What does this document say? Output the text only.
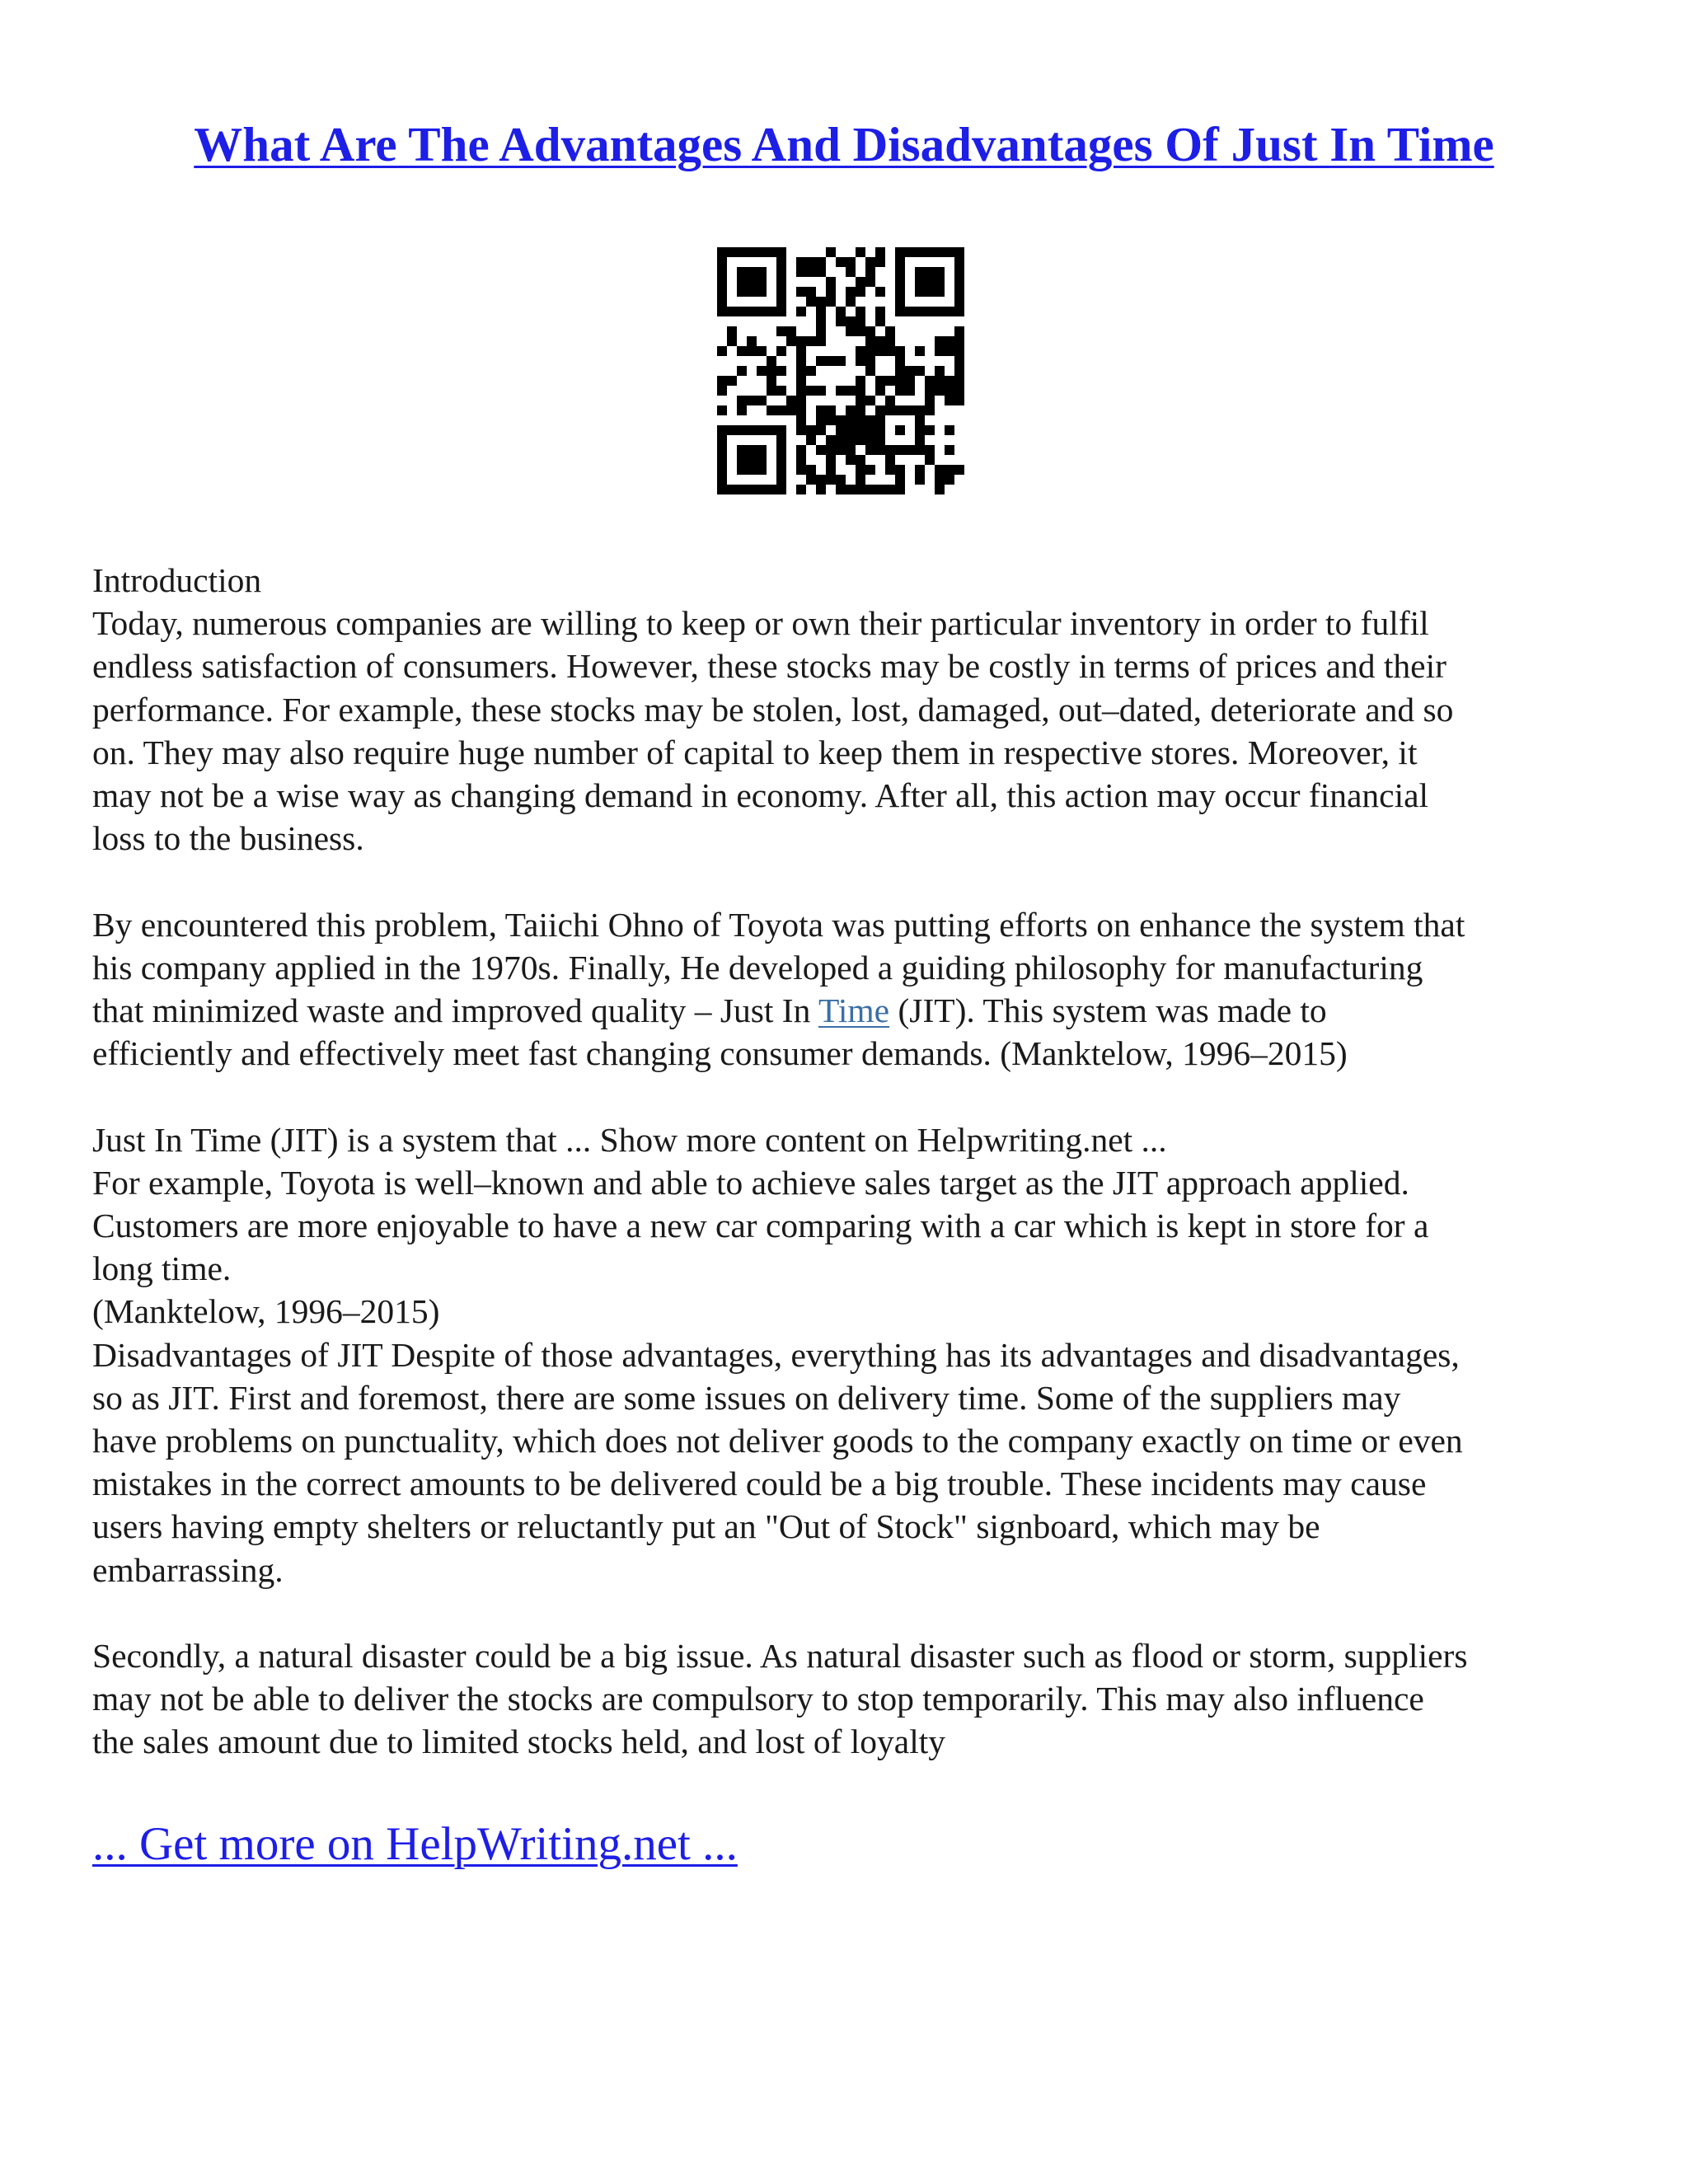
What Are The Advantages And Disadvantages Of Just In Time
Introduction
Today, numerous companies are willing to keep or own their particular inventory in order to fulfil
endless satisfaction of consumers. However, these stocks may be costly in terms of prices and their
performance. For example, these stocks may be stolen, lost, damaged, out–dated, deteriorate and so
on. They may also require huge number of capital to keep them in respective stores. Moreover, it
may not be a wise way as changing demand in economy. After all, this action may occur financial
loss to the business.
By encountered this problem, Taiichi Ohno of Toyota was putting efforts on enhance the system that
his company applied in the 1970s. Finally, He developed a guiding philosophy for manufacturing
that minimized waste and improved quality – Just In Time (JIT). This system was made to
efficiently and effectively meet fast changing consumer demands. (Manktelow, 1996–2015)
Just In Time (JIT) is a system that ... Show more content on Helpwriting.net ...
For example, Toyota is well–known and able to achieve sales target as the JIT approach applied.
Customers are more enjoyable to have a new car comparing with a car which is kept in store for a
long time.
(Manktelow, 1996–2015)
Disadvantages of JIT Despite of those advantages, everything has its advantages and disadvantages,
so as JIT. First and foremost, there are some issues on delivery time. Some of the suppliers may
have problems on punctuality, which does not deliver goods to the company exactly on time or even
mistakes in the correct amounts to be delivered could be a big trouble. These incidents may cause
users having empty shelters or reluctantly put an "Out of Stock" signboard, which may be
embarrassing.
Secondly, a natural disaster could be a big issue. As natural disaster such as flood or storm, suppliers
may not be able to deliver the stocks are compulsory to stop temporarily. This may also influence
the sales amount due to limited stocks held, and lost of loyalty
... Get more on HelpWriting.net ...
